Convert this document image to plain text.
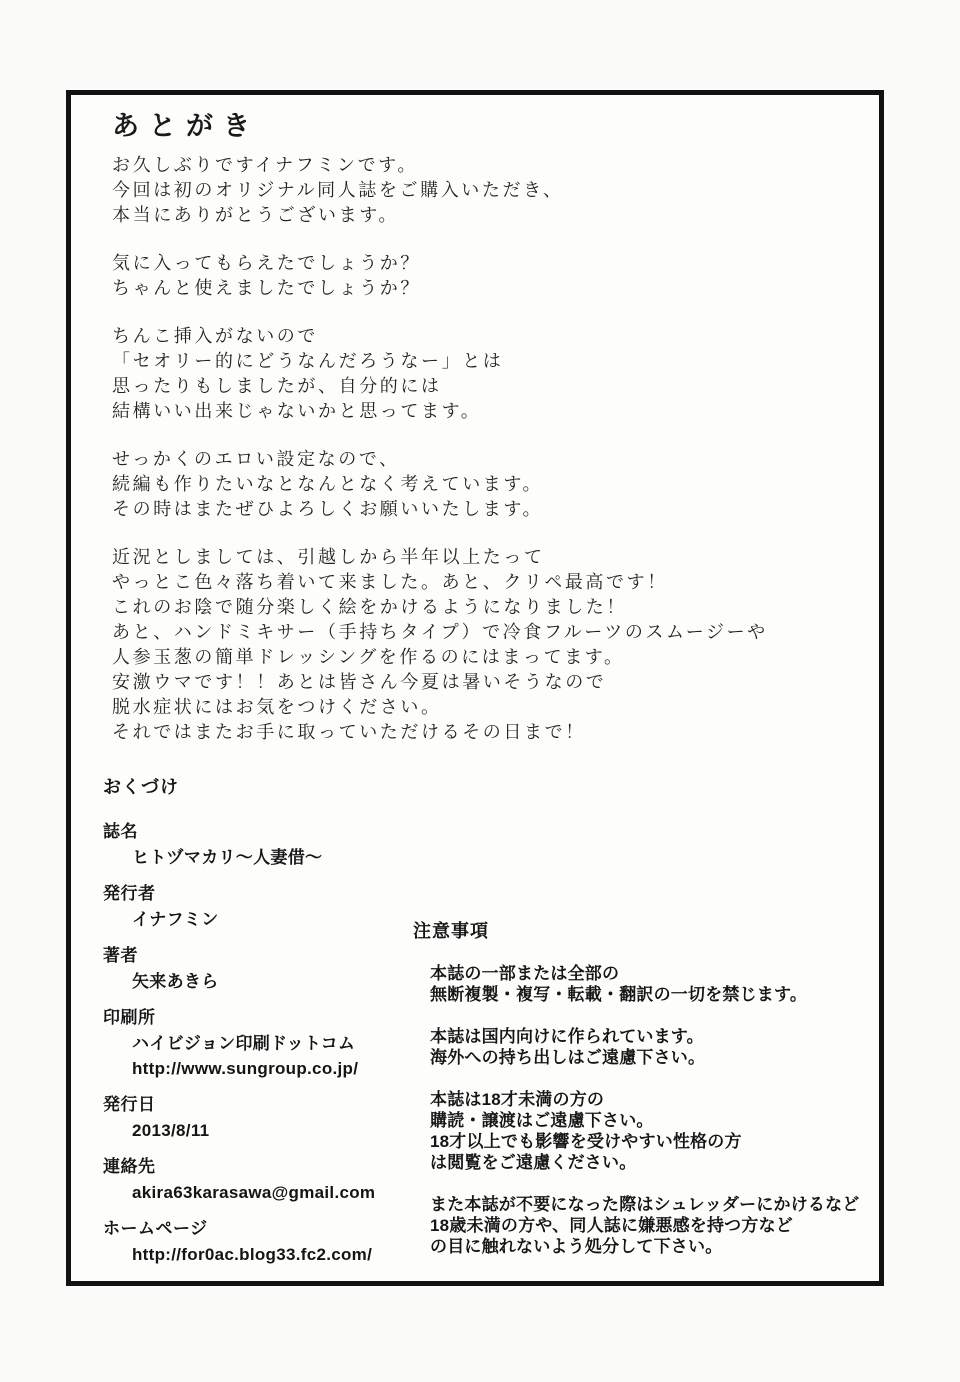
あとがき

お久しぶりですイナフミンです。
今回は初のオリジナル同人誌をご購入いただき、
本当にありがとうございます。

気に入ってもらえたでしょうか？
ちゃんと使えましたでしょうか？

ちんこ挿入がないので
「セオリー的にどうなんだろうなー」とは
思ったりもしましたが、自分的には
結構いい出来じゃないかと思ってます。

せっかくのエロい設定なので、
続編も作りたいなとなんとなく考えています。
その時はまたぜひよろしくお願いいたします。

近況としましては、引越しから半年以上たって
やっとこ色々落ち着いて来ました。あと、クリペ最高です！
これのお陰で随分楽しく絵をかけるようになりました！
あと、ハンドミキサー（手持ちタイプ）で冷食フルーツのスムージーや
人参玉葱の簡単ドレッシングを作るのにはまってます。
安激ウマです！！あとは皆さん今夏は暑いそうなので
脱水症状にはお気をつけください。
それではまたお手に取っていただけるその日まで！

おくづけ
誌名
ヒトヅマカリ～人妻借～
発行者
イナフミン
著者
矢来あきら
印刷所
ハイビジョン印刷ドットコム
http://www.sungroup.co.jp/
発行日
2013/8/11
連絡先
akira63karasawa@gmail.com
ホームページ
http://for0ac.blog33.fc2.com/
注意事項

本誌の一部または全部の
無断複製・複写・転載・翻訳の一切を禁じます。

本誌は国内向けに作られています。
海外への持ち出しはご遠慮下さい。

本誌は18才未満の方の
購読・譲渡はご遠慮下さい。
18才以上でも影響を受けやすい性格の方
は閲覧をご遠慮ください。

また本誌が不要になった際はシュレッダーにかけるなど
18歳未満の方や、同人誌に嫌悪感を持つ方など
の目に触れないよう処分して下さい。
